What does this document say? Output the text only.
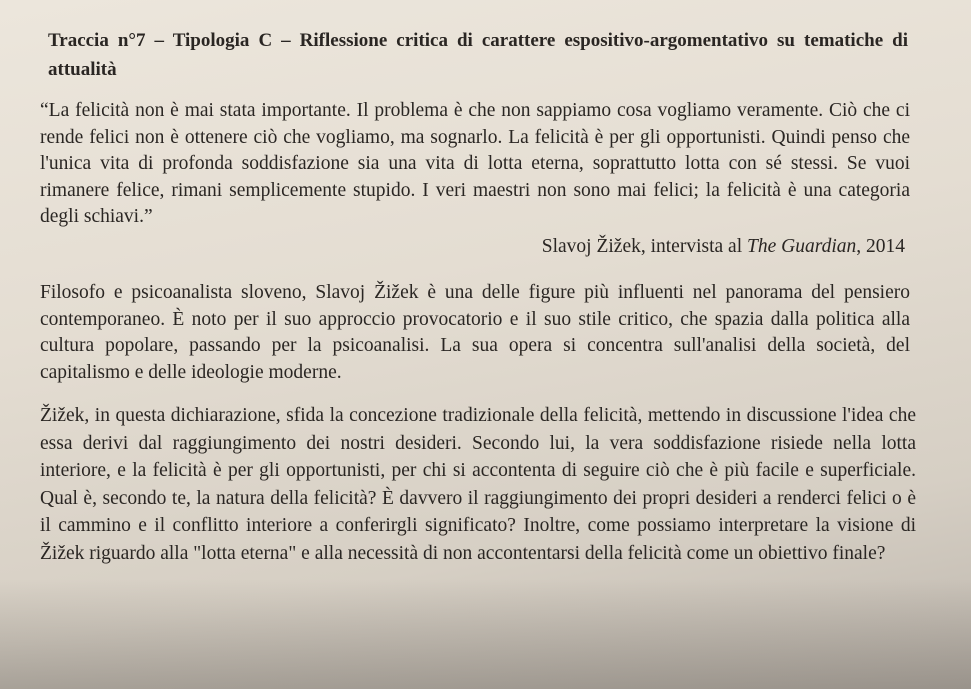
Traccia n°7 – Tipologia C – Riflessione critica di carattere espositivo-argomentativo su tematiche di attualità
“La felicità non è mai stata importante. Il problema è che non sappiamo cosa vogliamo veramente. Ciò che ci rende felici non è ottenere ciò che vogliamo, ma sognarlo. La felicità è per gli opportunisti. Quindi penso che l'unica vita di profonda soddisfazione sia una vita di lotta eterna, soprattutto lotta con sé stessi. Se vuoi rimanere felice, rimani semplicemente stupido. I veri maestri non sono mai felici; la felicità è una categoria degli schiavi.”
Slavoj Žižek, intervista al The Guardian, 2014
Filosofo e psicoanalista sloveno, Slavoj Žižek è una delle figure più influenti nel panorama del pensiero contemporaneo. È noto per il suo approccio provocatorio e il suo stile critico, che spazia dalla politica alla cultura popolare, passando per la psicoanalisi. La sua opera si concentra sull'analisi della società, del capitalismo e delle ideologie moderne.
Žižek, in questa dichiarazione, sfida la concezione tradizionale della felicità, mettendo in discussione l'idea che essa derivi dal raggiungimento dei nostri desideri. Secondo lui, la vera soddisfazione risiede nella lotta interiore, e la felicità è per gli opportunisti, per chi si accontenta di seguire ciò che è più facile e superficiale. Qual è, secondo te, la natura della felicità? È davvero il raggiungimento dei propri desideri a renderci felici o è il cammino e il conflitto interiore a conferirgli significato? Inoltre, come possiamo interpretare la visione di Žižek riguardo alla "lotta eterna" e alla necessità di non accontentarsi della felicità come un obiettivo finale?
